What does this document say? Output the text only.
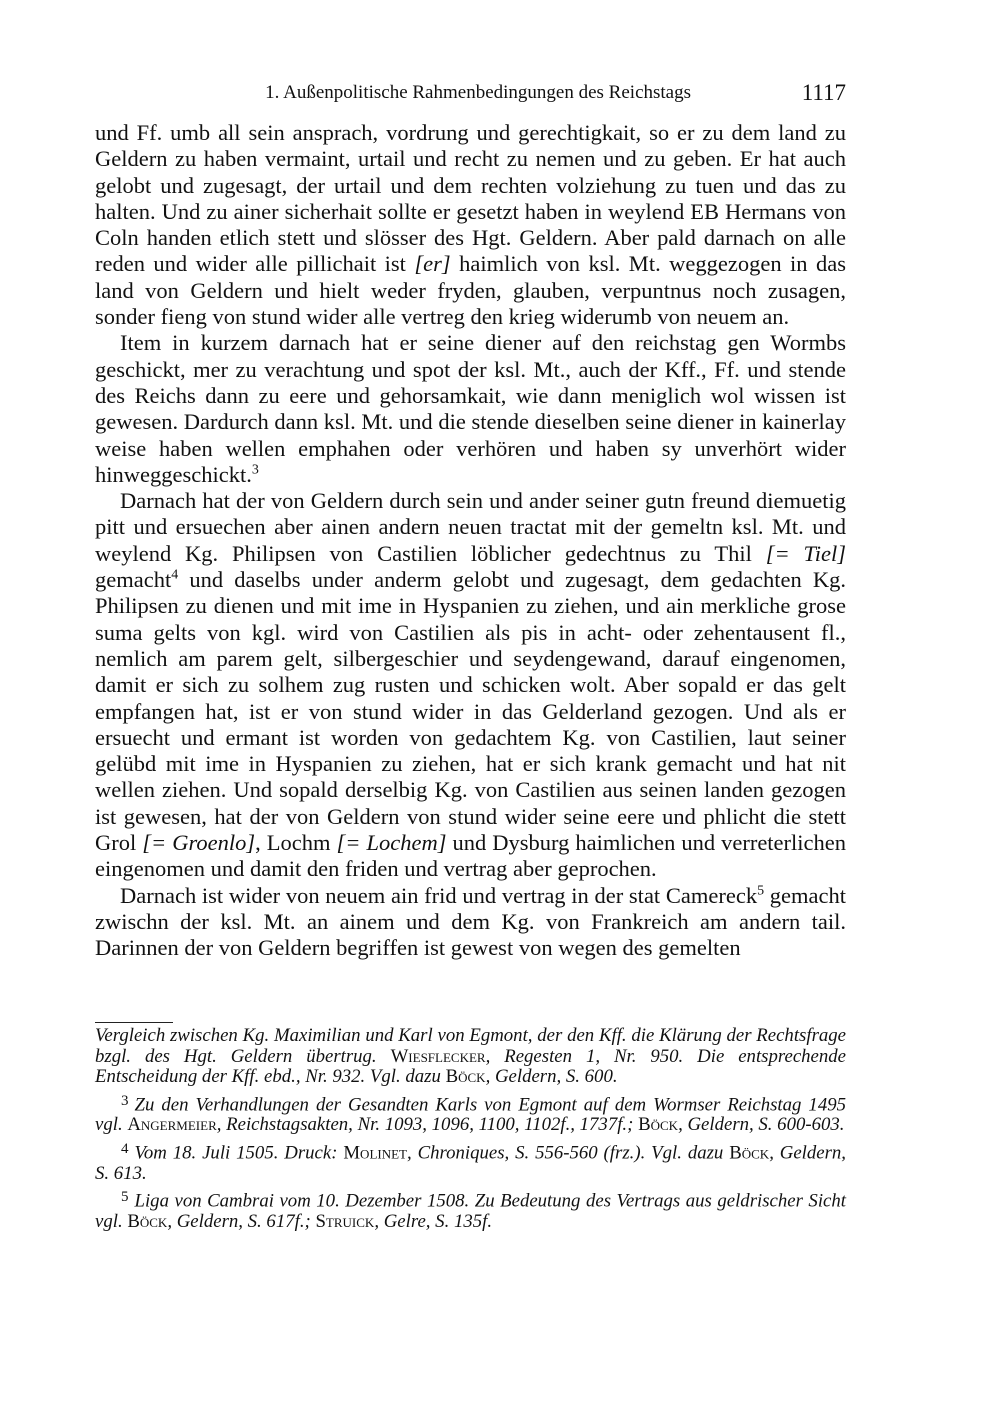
1. Außenpolitische Rahmenbedingungen des Reichstags	1117

und Ff. umb all sein ansprach, vordrung und gerechtigkait, so er zu dem land zu Geldern zu haben vermaint, urtail und recht zu nemen und zu geben. Er hat auch gelobt und zugesagt, der urtail und dem rechten volziehung zu tuen und das zu halten. Und zu ainer sicherhait sollte er gesetzt haben in weylend EB Hermans von Coln handen etlich stett und slösser des Hgt. Geldern. Aber pald darnach on alle reden und wider alle pillichait ist [er] haimlich von ksl. Mt. weggezogen in das land von Geldern und hielt weder fryden, glauben, verpuntnus noch zusagen, sonder fieng von stund wider alle vertreg den krieg widerumb von neuem an.

Item in kurzem darnach hat er seine diener auf den reichstag gen Wormbs geschickt, mer zu verachtung und spot der ksl. Mt., auch der Kff., Ff. und stende des Reichs dann zu eere und gehorsamkait, wie dann meniglich wol wissen ist gewesen. Dardurch dann ksl. Mt. und die stende dieselben seine diener in kainerlay weise haben wellen emphahen oder verhören und haben sy unverhört wider hinweggeschickt.$^3$

Darnach hat der von Geldern durch sein und ander seiner gutn freund diemuetig pitt und ersuechen aber ainen andern neuen tractat mit der gemeltn ksl. Mt. und weylend Kg. Philipsen von Castilien löblicher gedechtnus zu Thil [= Tiel] gemacht$^4$ und daselbs under anderm gelobt und zugesagt, dem gedachten Kg. Philipsen zu dienen und mit ime in Hyspanien zu ziehen, und ain merkliche grose suma gelts von kgl. wird von Castilien als pis in acht- oder zehentausent fl., nemlich am parem gelt, silbergeschier und seydengewand, darauf eingenomen, damit er sich zu solhem zug rusten und schicken wolt. Aber sopald er das gelt empfangen hat, ist er von stund wider in das Gelderland gezogen. Und als er ersuecht und ermant ist worden von gedachtem Kg. von Castilien, laut seiner gelübd mit ime in Hyspanien zu ziehen, hat er sich krank gemacht und hat nit wellen ziehen. Und sopald derselbig Kg. von Castilien aus seinen landen gezogen ist gewesen, hat der von Geldern von stund wider seine eere und phlicht die stett Grol [= Groenlo], Lochm [= Lochem] und Dysburg haimlichen und verreterlichen eingenomen und damit den friden und vertrag aber geprochen.

Darnach ist wider von neuem ain frid und vertrag in der stat Camereck$^5$ gemacht zwischn der ksl. Mt. an ainem und dem Kg. von Frankreich am andern tail. Darinnen der von Geldern begriffen ist gewest von wegen des gemelten

Vergleich zwischen Kg. Maximilian und Karl von Egmont, der den Kff. die Klärung der Rechtsfrage bzgl. des Hgt. Geldern übertrug. Wiesflecker, Regesten 1, Nr. 950. Die entsprechende Entscheidung der Kff. ebd., Nr. 932. Vgl. dazu Böck, Geldern, S. 600.

$^3$ Zu den Verhandlungen der Gesandten Karls von Egmont auf dem Wormser Reichstag 1495 vgl. Angermeier, Reichstagsakten, Nr. 1093, 1096, 1100, 1102f., 1737f.; Böck, Geldern, S. 600-603.

$^4$ Vom 18. Juli 1505. Druck: Molinet, Chroniques, S. 556-560 (frz.). Vgl. dazu Böck, Geldern, S. 613.

$^5$ Liga von Cambrai vom 10. Dezember 1508. Zu Bedeutung des Vertrags aus geldrischer Sicht vgl. Böck, Geldern, S. 617f.; Struick, Gelre, S. 135f.
